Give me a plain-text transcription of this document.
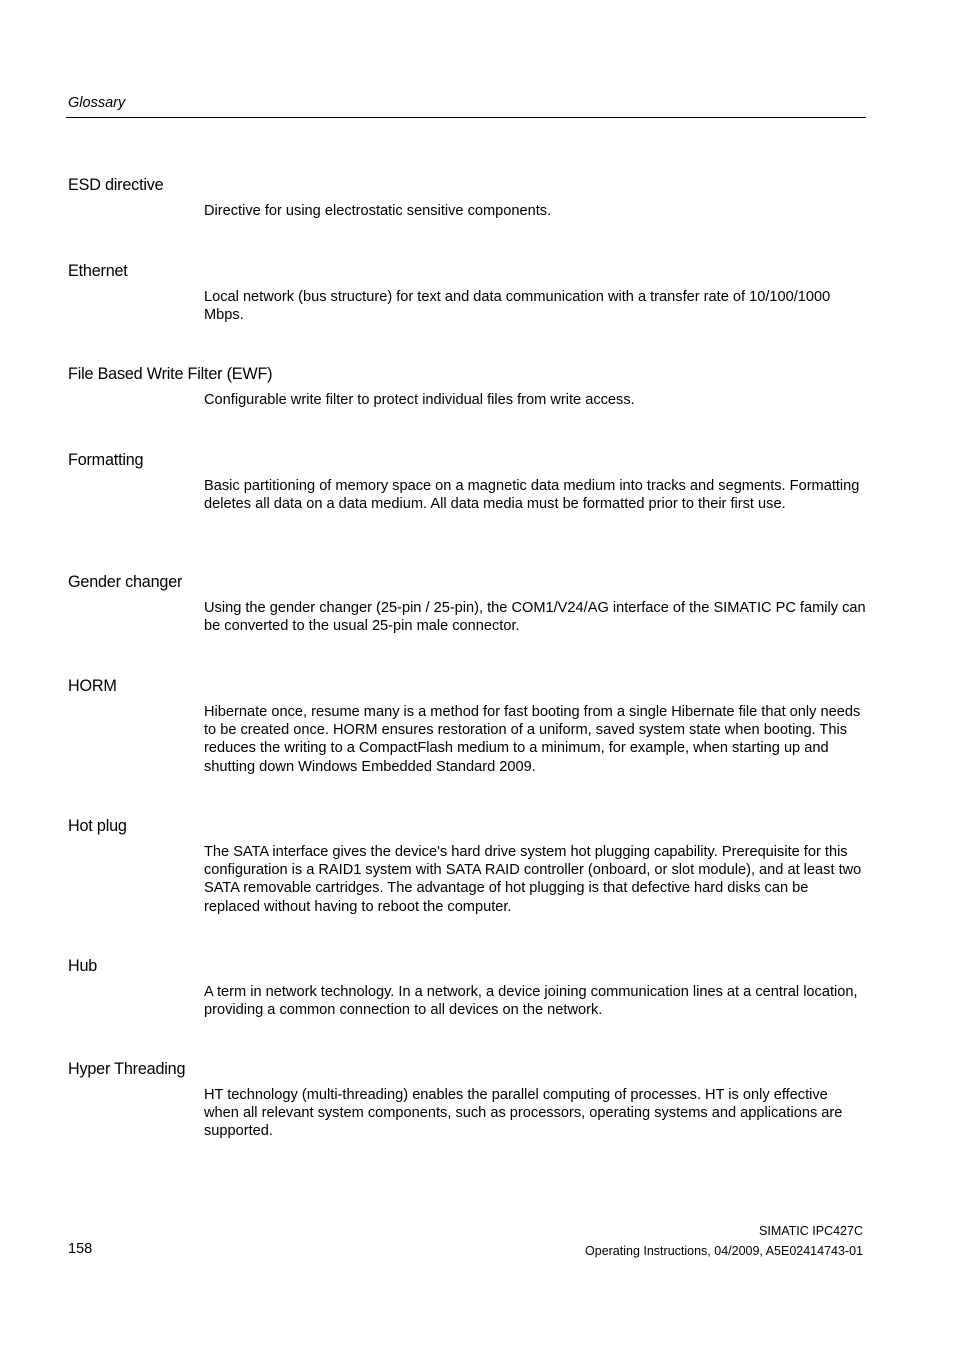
Glossary
ESD directive

Directive for using electrostatic sensitive components.

Ethernet

Local network (bus structure) for text and data communication with a transfer rate of 10/100/1000 Mbps.

File Based Write Filter (EWF)

Configurable write filter to protect individual files from write access.

Formatting

Basic partitioning of memory space on a magnetic data medium into tracks and segments. Formatting deletes all data on a data medium. All data media must be formatted prior to their first use.

Gender changer

Using the gender changer (25-pin / 25-pin), the COM1/V24/AG interface of the SIMATIC PC family can be converted to the usual 25-pin male connector.

HORM

Hibernate once, resume many is a method for fast booting from a single Hibernate file that only needs to be created once. HORM ensures restoration of a uniform, saved system state when booting. This reduces the writing to a CompactFlash medium to a minimum, for example, when starting up and shutting down Windows Embedded Standard 2009.

Hot plug

The SATA interface gives the device's hard drive system hot plugging capability. Prerequisite for this configuration is a RAID1 system with SATA RAID controller (onboard, or slot module), and at least two SATA removable cartridges. The advantage of hot plugging is that defective hard disks can be replaced without having to reboot the computer.

Hub

A term in network technology. In a network, a device joining communication lines at a central location, providing a common connection to all devices on the network.

Hyper Threading

HT technology (multi-threading) enables the parallel computing of processes. HT is only effective when all relevant system components, such as processors, operating systems and applications are supported.

SIMATIC IPC427C
158	Operating Instructions, 04/2009, A5E02414743-01
